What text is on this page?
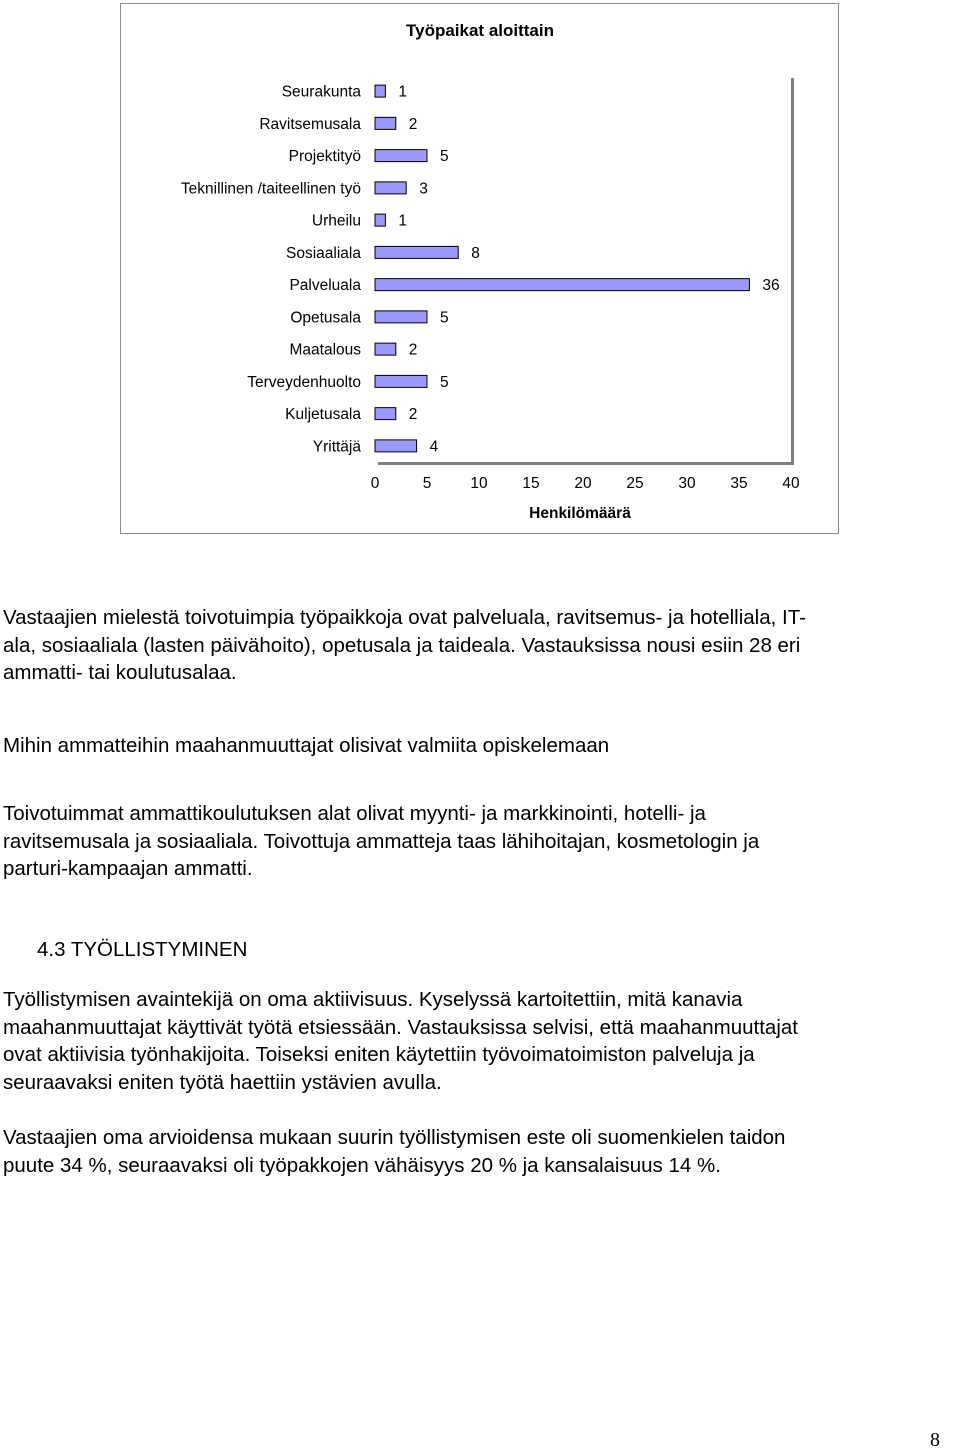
Työpaikat aloittain
Henkilömäärä
Seurakunta 1
Ravitsemusala	2
Projektityö	5
Teknillinen /taiteellinen työ	3
Urheilu 1
Sosiaaliala	8
Palveluala	36
Opetusala	5
Maatalous	2
Terveydenhuolto	5
Kuljetusala	2
Yrittäjä	4
0	5	10 15 20 25 30 35 40

Vastaajien mielestä toivotuimpia työpaikkoja ovat palveluala, ravitsemus- ja hotelliala, IT-

ala, sosiaaliala (lasten päivähoito), opetusala ja taideala. Vastauksissa nousi esiin 28 eri

ammatti- tai koulutusalaa.

Mihin ammatteihin maahanmuuttajat olisivat valmiita opiskelemaan

Toivotuimmat ammattikoulutuksen alat olivat myynti- ja markkinointi, hotelli- ja

ravitsemusala ja sosiaaliala. Toivottuja ammatteja taas lähihoitajan, kosmetologin ja

parturi-kampaajan ammatti.

4.3 TYÖLLISTYMINEN

Työllistymisen avaintekijä on oma aktiivisuus. Kyselyssä kartoitettiin, mitä kanavia

maahanmuuttajat käyttivät työtä etsiessään. Vastauksissa selvisi, että maahanmuuttajat

ovat aktiivisia työnhakijoita. Toiseksi eniten käytettiin työvoimatoimiston palveluja ja

seuraavaksi eniten työtä haettiin ystävien avulla.

Vastaajien oma arvioidensa mukaan suurin työllistymisen este oli suomenkielen taidon

puute 34 %, seuraavaksi oli työpakkojen vähäisyys 20 % ja kansalaisuus 14 %.

8
